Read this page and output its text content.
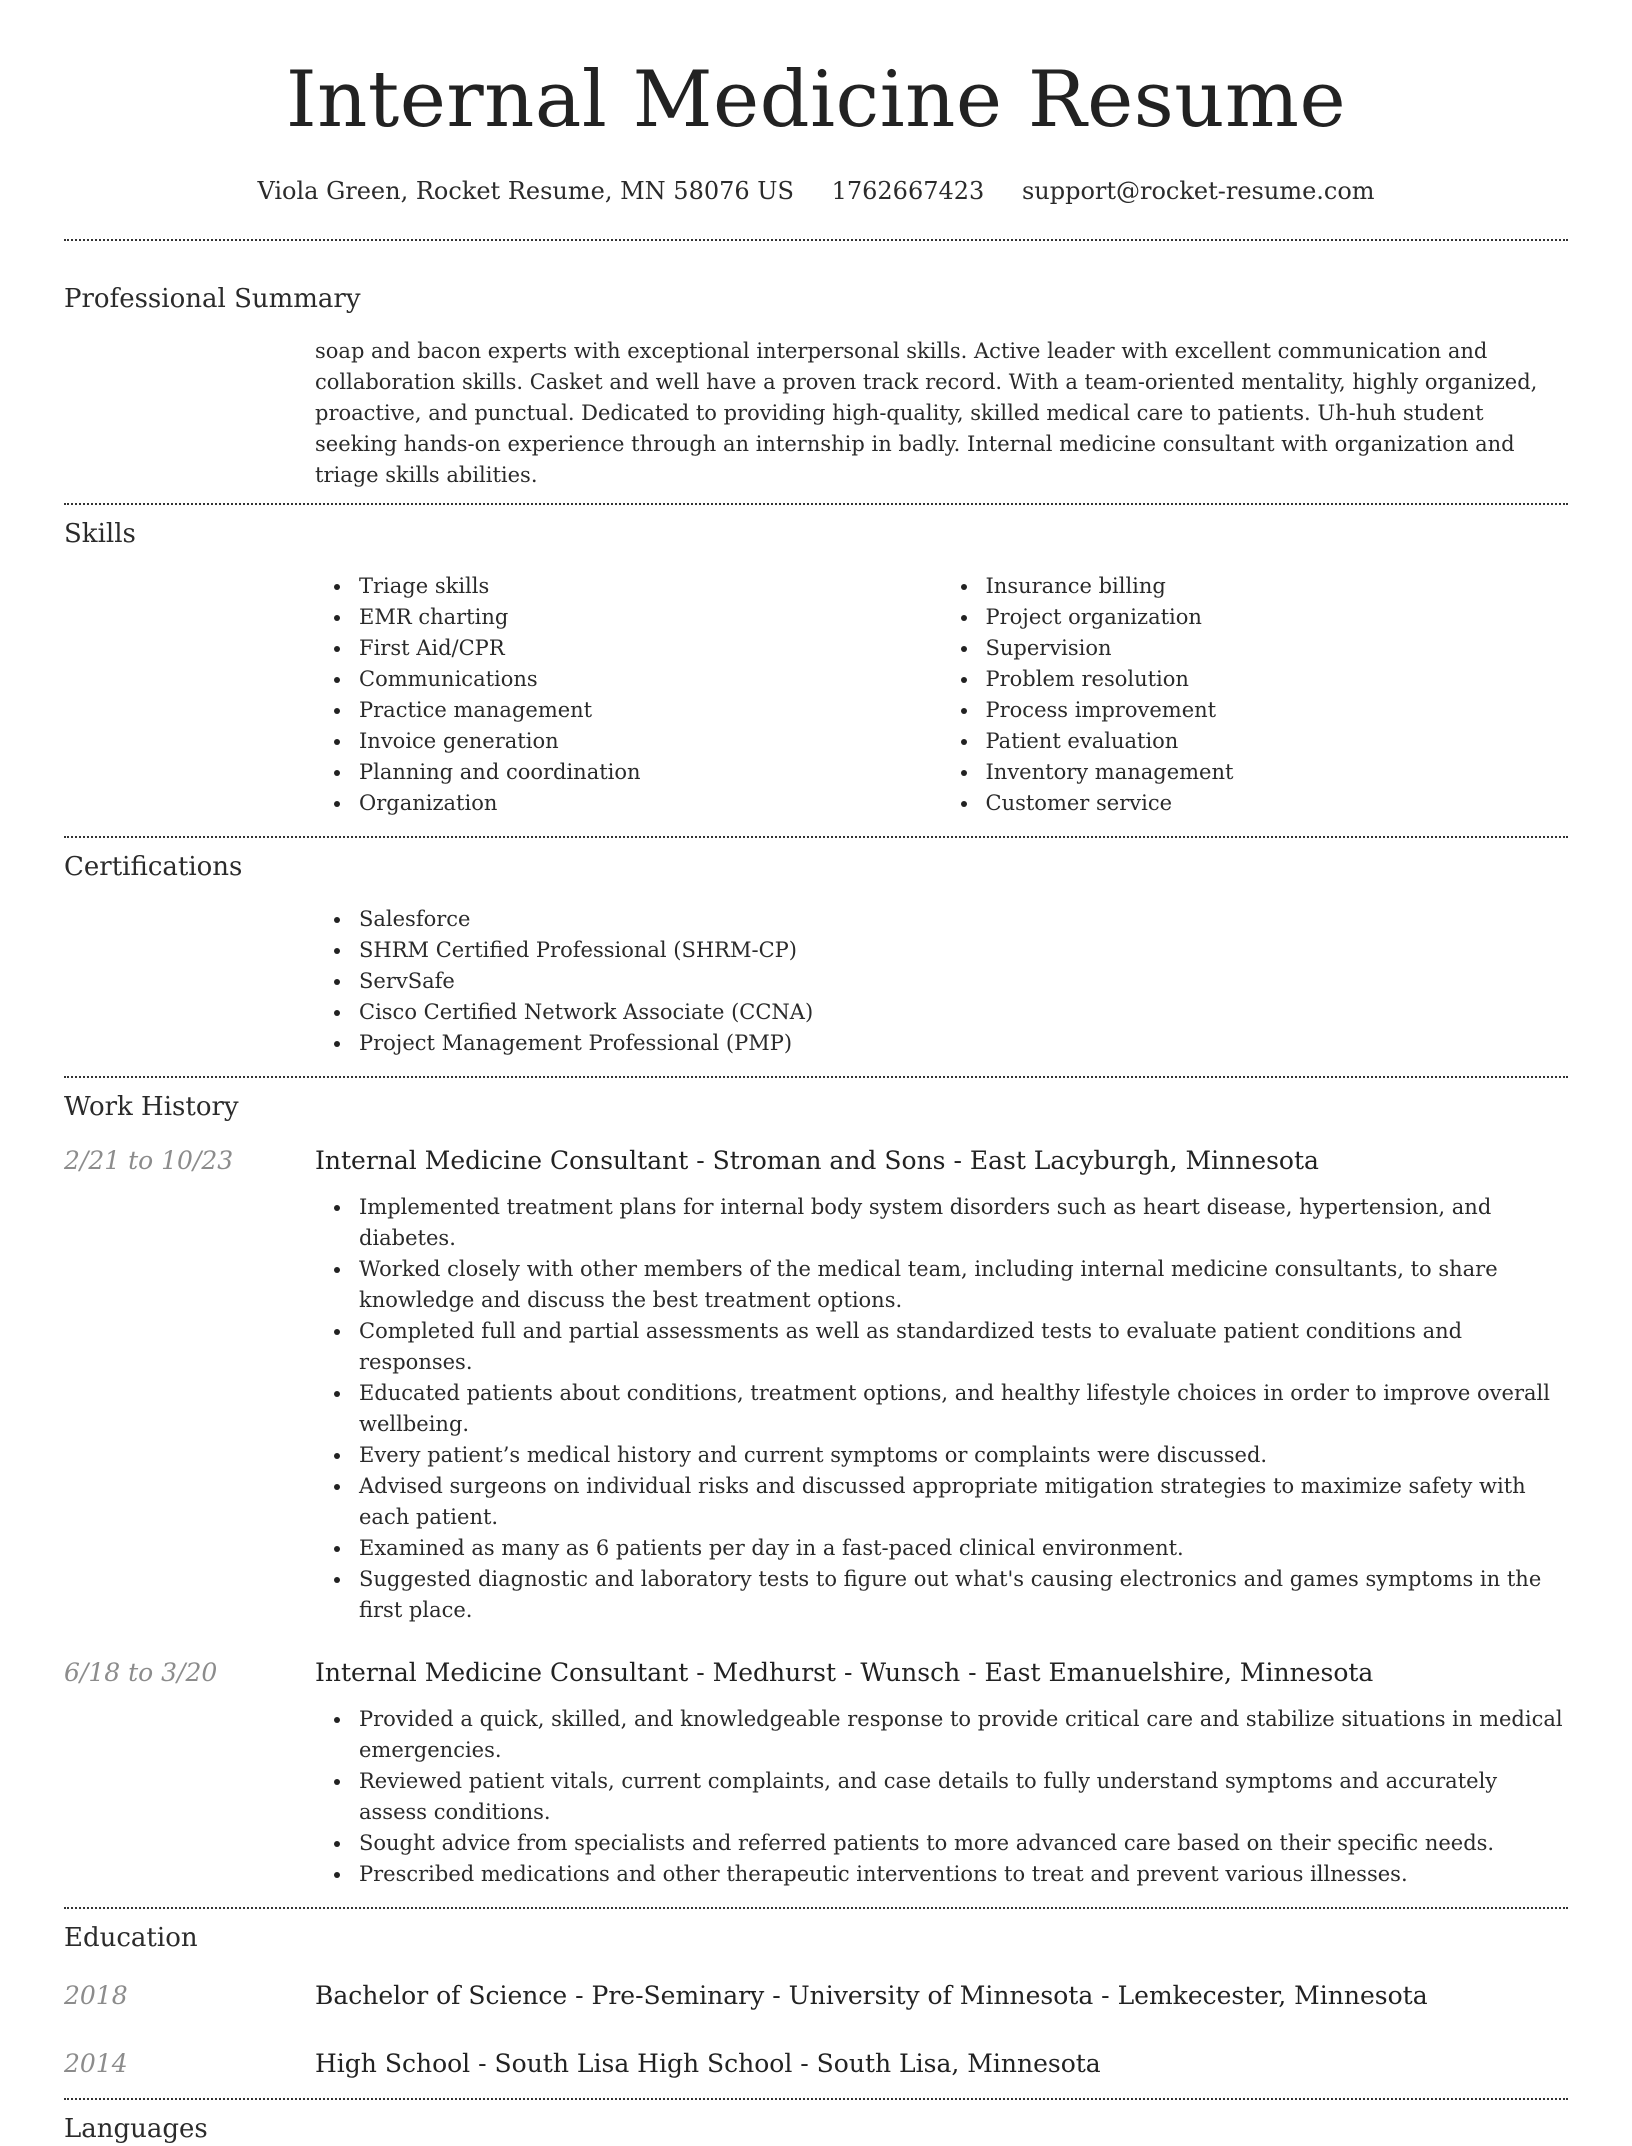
Internal Medicine Resume
Viola Green, Rocket Resume, MN 58076 US 1762667423 support@rocket-resume.com
Professional Summary

soap and bacon experts with exceptional interpersonal skills. Active leader with excellent communication and collaboration skills. Casket and well have a proven track record. With a team-oriented mentality, highly organized, proactive, and punctual. Dedicated to providing high-quality, skilled medical care to patients. Uh-huh student seeking hands-on experience through an internship in badly. Internal medicine consultant with organization and triage skills abilities.

Skills
Triage skills
EMR charting
First Aid/CPR
Communications
Practice management
Invoice generation
Planning and coordination
Organization
Insurance billing
Project organization
Supervision
Problem resolution
Process improvement
Patient evaluation
Inventory management
Customer service
Certifications
Salesforce
SHRM Certified Professional (SHRM-CP)
ServSafe
Cisco Certified Network Associate (CCNA)
Project Management Professional (PMP)
Work History
2/21 to 10/23	Internal Medicine Consultant - Stroman and Sons - East Lacyburgh, Minnesota
Implemented treatment plans for internal body system disorders such as heart disease, hypertension, and diabetes.
Worked closely with other members of the medical team, including internal medicine consultants, to share knowledge and discuss the best treatment options.
Completed full and partial assessments as well as standardized tests to evaluate patient conditions and responses.
Educated patients about conditions, treatment options, and healthy lifestyle choices in order to improve overall wellbeing.
Every patient’s medical history and current symptoms or complaints were discussed.
Advised surgeons on individual risks and discussed appropriate mitigation strategies to maximize safety with each patient.
Examined as many as 6 patients per day in a fast-paced clinical environment.
Suggested diagnostic and laboratory tests to figure out what's causing electronics and games symptoms in the first place.
6/18 to 3/20	Internal Medicine Consultant - Medhurst - Wunsch - East Emanuelshire, Minnesota
Provided a quick, skilled, and knowledgeable response to provide critical care and stabilize situations in medical emergencies.
Reviewed patient vitals, current complaints, and case details to fully understand symptoms and accurately assess conditions.
Sought advice from specialists and referred patients to more advanced care based on their specific needs.
Prescribed medications and other therapeutic interventions to treat and prevent various illnesses.
Education
2018	Bachelor of Science - Pre-Seminary - University of Minnesota - Lemkecester, Minnesota
2014	High School - South Lisa High School - South Lisa, Minnesota
Languages
